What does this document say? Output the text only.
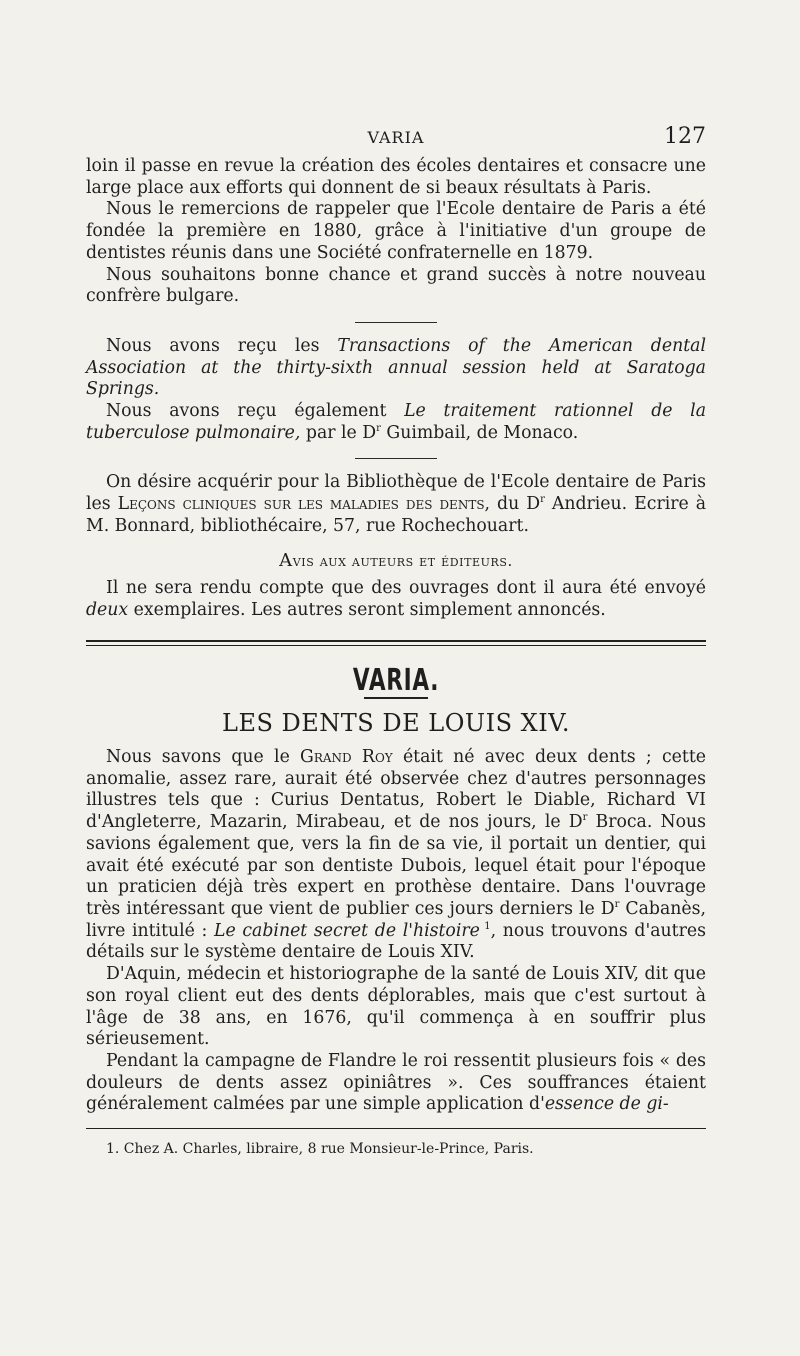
VARIA	127

loin il passe en revue la création des écoles dentaires et consacre une large place aux efforts qui donnent de si beaux résultats à Paris.

Nous le remercions de rappeler que l'Ecole dentaire de Paris a été fondée la première en 1880, grâce à l'initiative d'un groupe de dentistes réunis dans une Société confraternelle en 1879.

Nous souhaitons bonne chance et grand succès à notre nouveau confrère bulgare.

Nous avons reçu les Transactions of the American dental Association at the thirty-sixth annual session held at Saratoga Springs.

Nous avons reçu également Le traitement rationnel de la tuberculose pulmonaire, par le $D^r$ Guimbail, de Monaco.

On désire acquérir pour la Bibliothèque de l'Ecole dentaire de Paris les Leçons cliniques sur les maladies des dents, du $D^r$ Andrieu. Ecrire à M. Bonnard, bibliothécaire, 57, rue Rochechouart.

Avis aux auteurs et éditeurs.

Il ne sera rendu compte que des ouvrages dont il aura été envoyé deux exemplaires. Les autres seront simplement annoncés.

VARIA.
LES DENTS DE LOUIS XIV.

Nous savons que le Grand Roy était né avec deux dents ; cette anomalie, assez rare, aurait été observée chez d'autres personnages illustres tels que : Curius Dentatus, Robert le Diable, Richard VI d'Angleterre, Mazarin, Mirabeau, et de nos jours, le $D^r$ Broca. Nous savions également que, vers la fin de sa vie, il portait un dentier, qui avait été exécuté par son dentiste Dubois, lequel était pour l'époque un praticien déjà très expert en prothèse dentaire. Dans l'ouvrage très intéressant que vient de publier ces jours derniers le $D^r$ Cabanès, livre intitulé : Le cabinet secret de l'histoire $^1$, nous trouvons d'autres détails sur le système dentaire de Louis XIV.

D'Aquin, médecin et historiographe de la santé de Louis XIV, dit que son royal client eut des dents déplorables, mais que c'est surtout à l'âge de 38 ans, en 1676, qu'il commença à en souffrir plus sérieusement.

Pendant la campagne de Flandre le roi ressentit plusieurs fois « des douleurs de dents assez opiniâtres ». Ces souffrances étaient généralement calmées par une simple application d'essence de gi-

1. Chez A. Charles, libraire, 8 rue Monsieur-le-Prince, Paris.
